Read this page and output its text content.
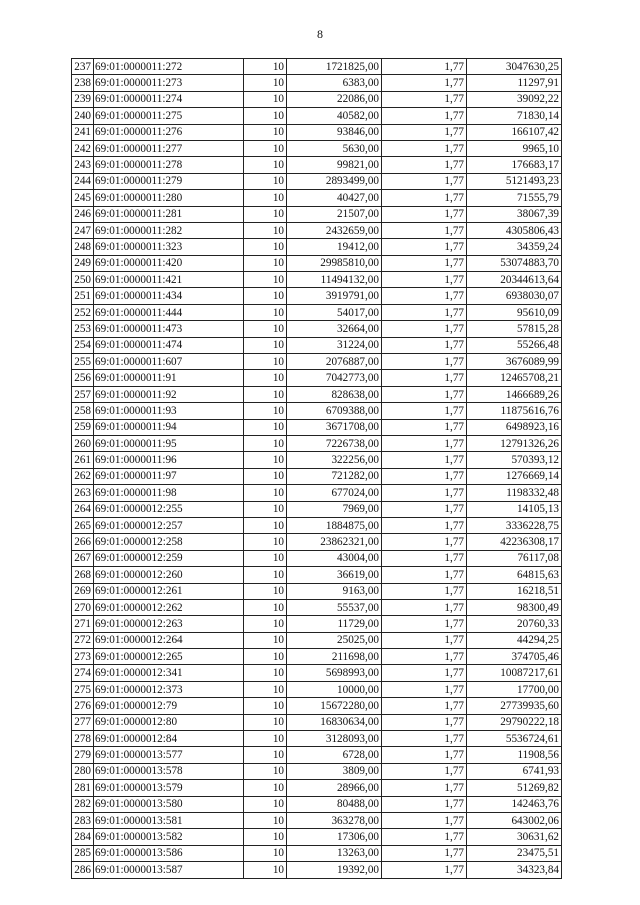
8
237	69:01:0000011:272	10	1721825,00	1,77	3047630,25
238	69:01:0000011:273	10	6383,00	1,77	11297,91
239	69:01:0000011:274	10	22086,00	1,77	39092,22
240	69:01:0000011:275	10	40582,00	1,77	71830,14
241	69:01:0000011:276	10	93846,00	1,77	166107,42
242	69:01:0000011:277	10	5630,00	1,77	9965,10
243	69:01:0000011:278	10	99821,00	1,77	176683,17
244	69:01:0000011:279	10	2893499,00	1,77	5121493,23
245	69:01:0000011:280	10	40427,00	1,77	71555,79
246	69:01:0000011:281	10	21507,00	1,77	38067,39
247	69:01:0000011:282	10	2432659,00	1,77	4305806,43
248	69:01:0000011:323	10	19412,00	1,77	34359,24
249	69:01:0000011:420	10	29985810,00	1,77	53074883,70
250	69:01:0000011:421	10	11494132,00	1,77	20344613,64
251	69:01:0000011:434	10	3919791,00	1,77	6938030,07
252	69:01:0000011:444	10	54017,00	1,77	95610,09
253	69:01:0000011:473	10	32664,00	1,77	57815,28
254	69:01:0000011:474	10	31224,00	1,77	55266,48
255	69:01:0000011:607	10	2076887,00	1,77	3676089,99
256	69:01:0000011:91	10	7042773,00	1,77	12465708,21
257	69:01:0000011:92	10	828638,00	1,77	1466689,26
258	69:01:0000011:93	10	6709388,00	1,77	11875616,76
259	69:01:0000011:94	10	3671708,00	1,77	6498923,16
260	69:01:0000011:95	10	7226738,00	1,77	12791326,26
261	69:01:0000011:96	10	322256,00	1,77	570393,12
262	69:01:0000011:97	10	721282,00	1,77	1276669,14
263	69:01:0000011:98	10	677024,00	1,77	1198332,48
264	69:01:0000012:255	10	7969,00	1,77	14105,13
265	69:01:0000012:257	10	1884875,00	1,77	3336228,75
266	69:01:0000012:258	10	23862321,00	1,77	42236308,17
267	69:01:0000012:259	10	43004,00	1,77	76117,08
268	69:01:0000012:260	10	36619,00	1,77	64815,63
269	69:01:0000012:261	10	9163,00	1,77	16218,51
270	69:01:0000012:262	10	55537,00	1,77	98300,49
271	69:01:0000012:263	10	11729,00	1,77	20760,33
272	69:01:0000012:264	10	25025,00	1,77	44294,25
273	69:01:0000012:265	10	211698,00	1,77	374705,46
274	69:01:0000012:341	10	5698993,00	1,77	10087217,61
275	69:01:0000012:373	10	10000,00	1,77	17700,00
276	69:01:0000012:79	10	15672280,00	1,77	27739935,60
277	69:01:0000012:80	10	16830634,00	1,77	29790222,18
278	69:01:0000012:84	10	3128093,00	1,77	5536724,61
279	69:01:0000013:577	10	6728,00	1,77	11908,56
280	69:01:0000013:578	10	3809,00	1,77	6741,93
281	69:01:0000013:579	10	28966,00	1,77	51269,82
282	69:01:0000013:580	10	80488,00	1,77	142463,76
283	69:01:0000013:581	10	363278,00	1,77	643002,06
284	69:01:0000013:582	10	17306,00	1,77	30631,62
285	69:01:0000013:586	10	13263,00	1,77	23475,51
286	69:01:0000013:587	10	19392,00	1,77	34323,84
